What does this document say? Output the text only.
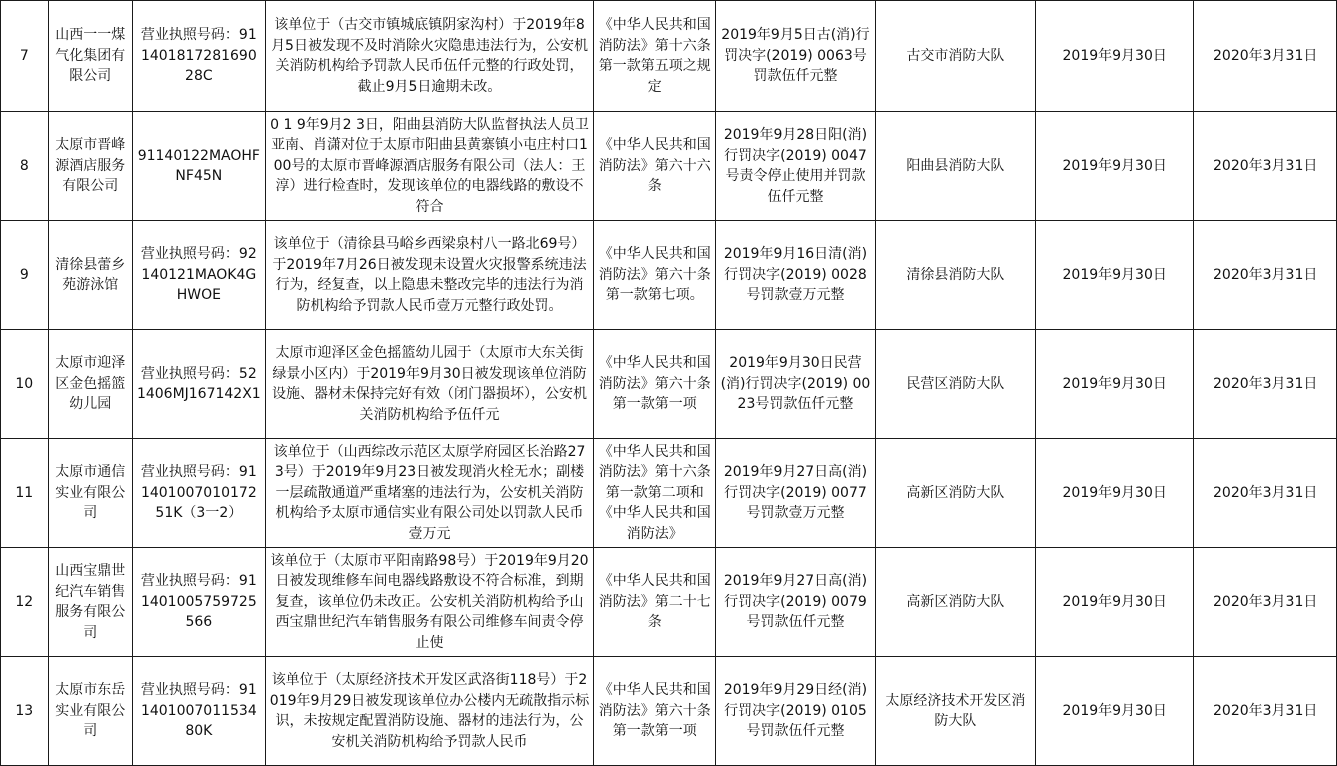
7	山西一一煤气化集团有限公司	营业执照号码：91140181728169028C	该单位于（古交市镇城底镇阴家沟村）于2019年8月5日被发现不及时消除火灾隐患违法行为，公安机关消防机构给予罚款人民币伍仟元整的行政处罚，截止9月5日逾期未改。	《中华人民共和国消防法》第十六条第一款第五项之规定	2019年9月5日古(消)行罚决字(2019) 0063号罚款伍仟元整	古交市消防大队	2019年9月30日	2020年3月31日

8	太原市晋峰源酒店服务有限公司	91140122MAOHFNF45N	0 1 9年9月2 3日，阳曲县消防大队监督执法人员卫亚南、肖潇对位于太原市阳曲县黄寨镇小屯庄村口100号的太原市晋峰源酒店服务有限公司（法人：王淳）进行检查时，发现该单位的电器线路的敷设不符合	《中华人民共和国消防法》第六十六条	2019年9月28日阳(消)行罚决字(2019) 0047号责令停止使用并罚款伍仟元整	阳曲县消防大队	2019年9月30日	2020年3月31日

9	清徐县蕾乡苑游泳馆	营业执照号码：92140121MAOK4GHWOE	该单位于（清徐县马峪乡西梁泉村八一路北69号）于2019年7月26日被发现未设置火灾报警系统违法行为，经复查，以上隐患未整改完毕的违法行为消防机构给予罚款人民币壹万元整行政处罚。	《中华人民共和国消防法》第六十条第一款第七项。	2019年9月16日清(消)行罚决字(2019) 0028号罚款壹万元整	清徐县消防大队	2019年9月30日	2020年3月31日

10	太原市迎泽区金色摇篮幼儿园	营业执照号码：521406MJ167142X1	太原市迎泽区金色摇篮幼儿园于（太原市大东关街绿景小区内）于2019年9月30日被发现该单位消防设施、器材未保持完好有效（闭门器损坏），公安机关消防机构给予伍仟元	《中华人民共和国消防法》第六十条第一款第一项	2019年9月30日民营(消)行罚决字(2019) 0023号罚款伍仟元整	民营区消防大队	2019年9月30日	2020年3月31日

11	太原市通信实业有限公司	营业执照号码：91140100701017251K（3一2）	该单位于（山西综改示范区太原学府园区长治路273号）于2019年9月23日被发现消火栓无水；副楼一层疏散通道严重堵塞的违法行为，公安机关消防机构给予太原市通信实业有限公司处以罚款人民币壹万元	《中华人民共和国消防法》第十六条第一款第二项和《中华人民共和国消防法》	2019年9月27日高(消)行罚决字(2019) 0077号罚款壹万元整	高新区消防大队	2019年9月30日	2020年3月31日

12	山西宝鼎世纪汽车销售服务有限公司	营业执照号码：911401005759725566	该单位于（太原市平阳南路98号）于2019年9月20日被发现维修车间电器线路敷设不符合标准，到期复查，该单位仍未改正。公安机关消防机构给予山西宝鼎世纪汽车销售服务有限公司维修车间责令停止使	《中华人民共和国消防法》第二十七条	2019年9月27日高(消)行罚决字(2019) 0079号罚款伍仟元整	高新区消防大队	2019年9月30日	2020年3月31日

13	太原市东岳实业有限公司	营业执照号码：91140100701153480K	该单位于（太原经济技术开发区武洛街118号）于2019年9月29日被发现该单位办公楼内无疏散指示标识，未按规定配置消防设施、器材的违法行为，公安机关消防机构给予罚款人民币	《中华人民共和国消防法》第六十条第一款第一项	2019年9月29日经(消)行罚决字(2019) 0105号罚款伍仟元整	太原经济技术开发区消防大队	2019年9月30日	2020年3月31日
